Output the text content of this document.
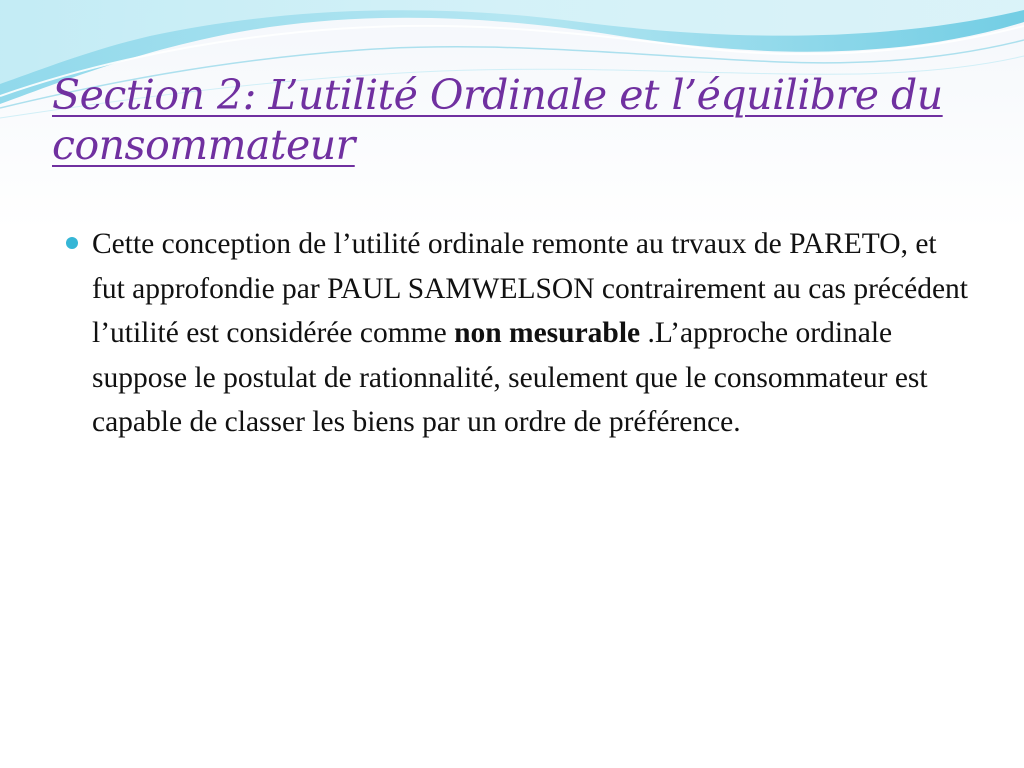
Section 2: L’utilité Ordinale et l’équilibre du consommateur
Cette conception de l’utilité ordinale remonte au trvaux de PARETO, et fut approfondie par PAUL SAMWELSON contrairement au cas précédent l’utilité est considérée comme non mesurable .L’approche ordinale suppose le postulat de rationnalité, seulement que le consommateur est capable de classer les biens par un ordre de préférence.
